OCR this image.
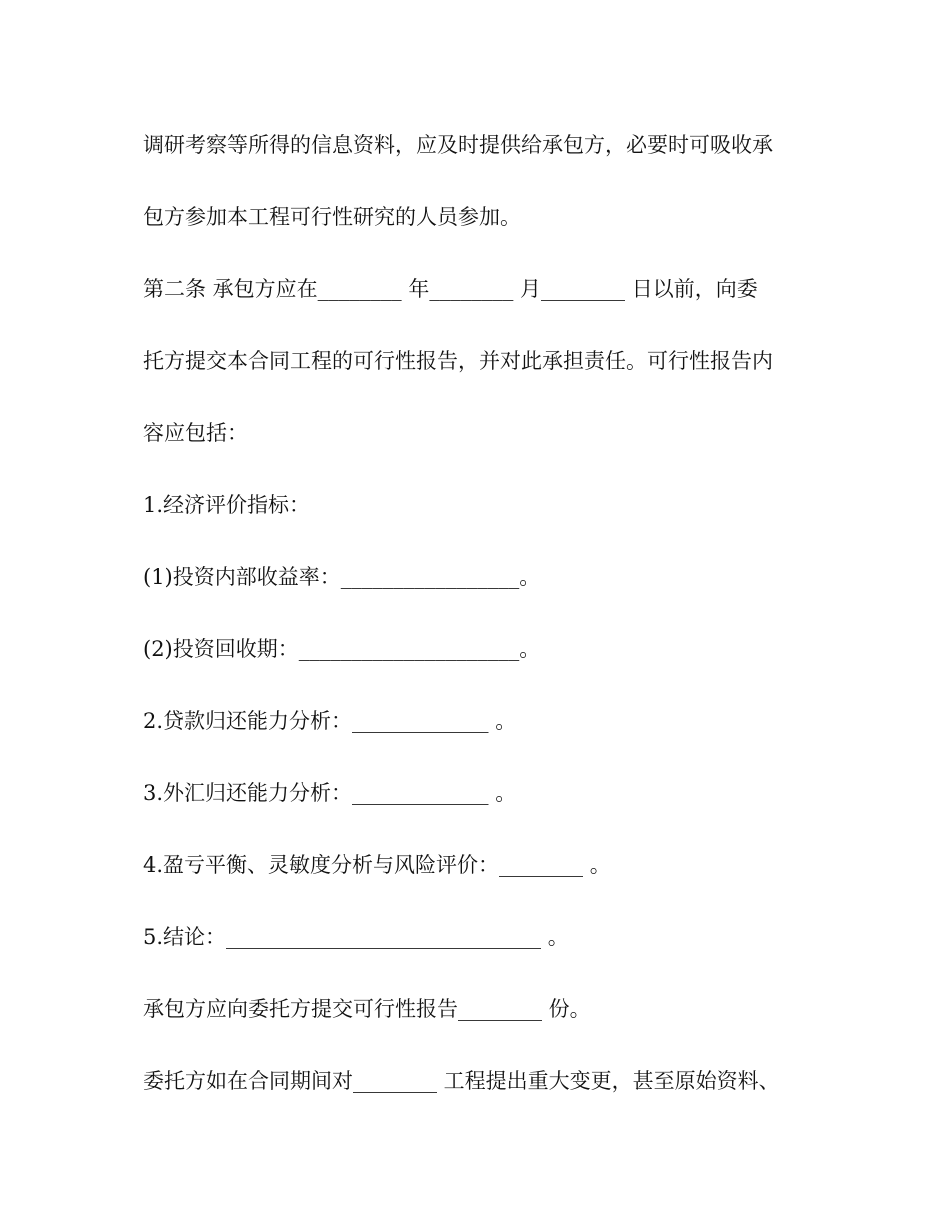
调研考察等所得的信息资料，应及时提供给承包方，必要时可吸收承
包方参加本工程可行性研究的人员参加。
第二条 承包方应在________ 年________ 月________ 日以前，向委
托方提交本合同工程的可行性报告，并对此承担责任。可行性报告内
容应包括：
1.经济评价指标：
(1)投资内部收益率：_________________。
(2)投资回收期：_____________________。
2.贷款归还能力分析：_____________ 。
3.外汇归还能力分析：_____________ 。
4.盈亏平衡、灵敏度分析与风险评价：________ 。
5.结论：______________________________ 。
承包方应向委托方提交可行性报告________ 份。
委托方如在合同期间对________ 工程提出重大变更，甚至原始资料、
